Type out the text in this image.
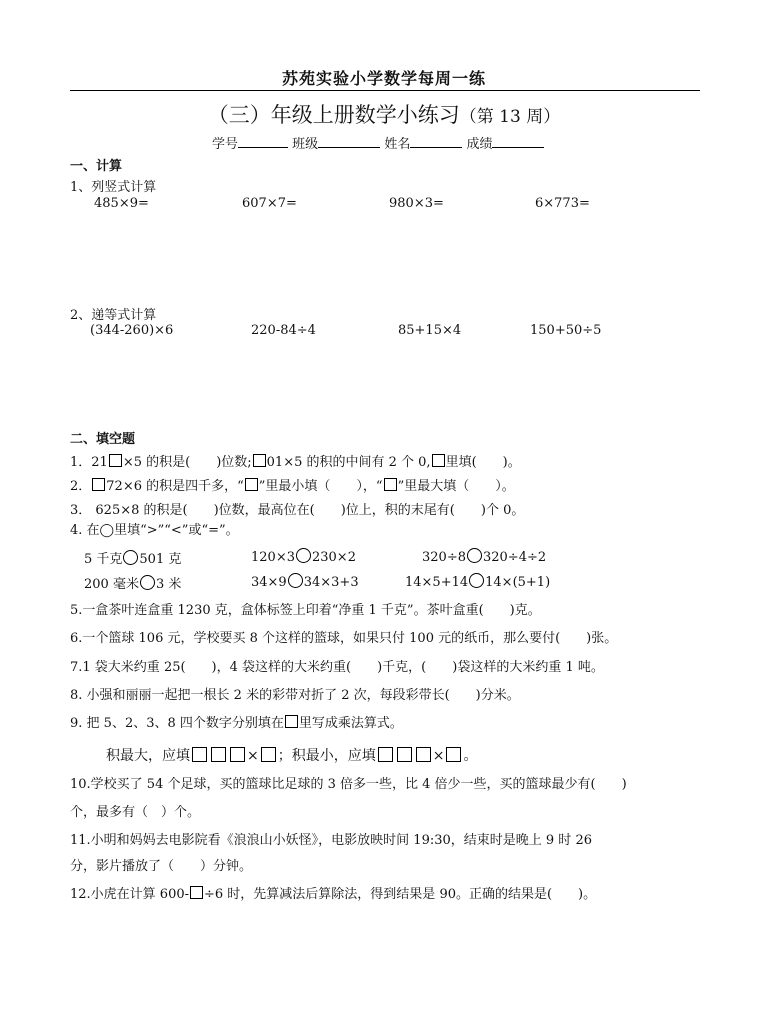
苏苑实验小学数学每周一练
（三）年级上册数学小练习（第 13 周）
学号	班级	姓名	成绩
一、计算
1、列竖式计算
485×9=	607×7=	980×3=	6×773=
2、递等式计算
(344-260)×6	220-84÷4	85+15×4	150+50÷5
二、填空题
1．21 ×5 的积是(　　)位数; 01×5 的积的中间有 2 个 0, 里填(　　)。
2． 72×6 的积是四千多，“ ”里最小填（　　），“ ”里最大填（　　）。
3． 625×8 的积是(　　)位数，最高位在(　　)位上，积的末尾有(　　)个 0。
4. 在◯里填“>”“<”或“=”。
5 千克 501 克	120×3 230×2	320÷8 320÷4÷2
200 毫米 3 米	34×9 34×3+3	14×5+14 14×(5+1)
5.一盒茶叶连盒重 1230 克，盒体标签上印着“净重 1 千克”。茶叶盒重(　　)克。
6.一个篮球 106 元，学校要买 8 个这样的篮球，如果只付 100 元的纸币，那么要付(　　)张。
7.1 袋大米约重 25(　　)，4 袋这样的大米约重(　　)千克，(　　)袋这样的大米约重 1 吨。
8. 小强和丽丽一起把一根长 2 米的彩带对折了 2 次，每段彩带长(　　)分米。
9. 把 5、2、3、8 四个数字分别填在 里写成乘法算式。
积最大，应填	× ；积最小，应填	× 。
10.学校买了 54 个足球，买的篮球比足球的 3 倍多一些，比 4 倍少一些，买的篮球最少有(　　)
个，最多有（　）个。
11.小明和妈妈去电影院看《浪浪山小妖怪》，电影放映时间 19:30，结束时是晚上 9 时 26
分，影片播放了（　　）分钟。
12.小虎在计算 600- ÷6 时，先算减法后算除法，得到结果是 90。正确的结果是(　　)。
